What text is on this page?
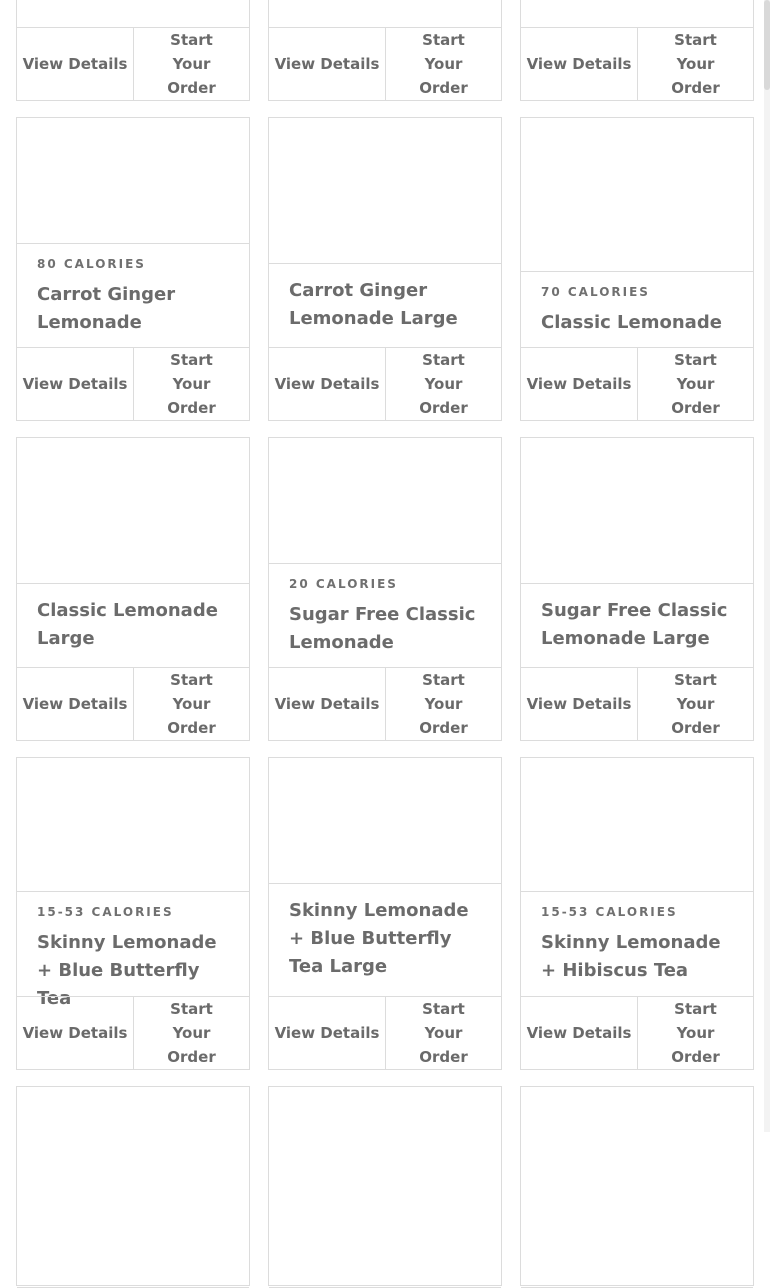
View Details
Start Your Order
View Details
Start Your Order
View Details
Start Your Order
80 CALORIES
Carrot Ginger Lemonade
View Details
Start Your Order
Carrot Ginger Lemonade Large
View Details
Start Your Order
70 CALORIES
Classic Lemonade
View Details
Start Your Order
Classic Lemonade Large
View Details
Start Your Order
20 CALORIES
Sugar Free Classic Lemonade
View Details
Start Your Order
Sugar Free Classic Lemonade Large
View Details
Start Your Order
15-53 CALORIES
Skinny Lemonade + Blue Butterfly Tea
View Details
Start Your Order
Skinny Lemonade + Blue Butterfly Tea Large
View Details
Start Your Order
15-53 CALORIES
Skinny Lemonade + Hibiscus Tea
View Details
Start Your Order
